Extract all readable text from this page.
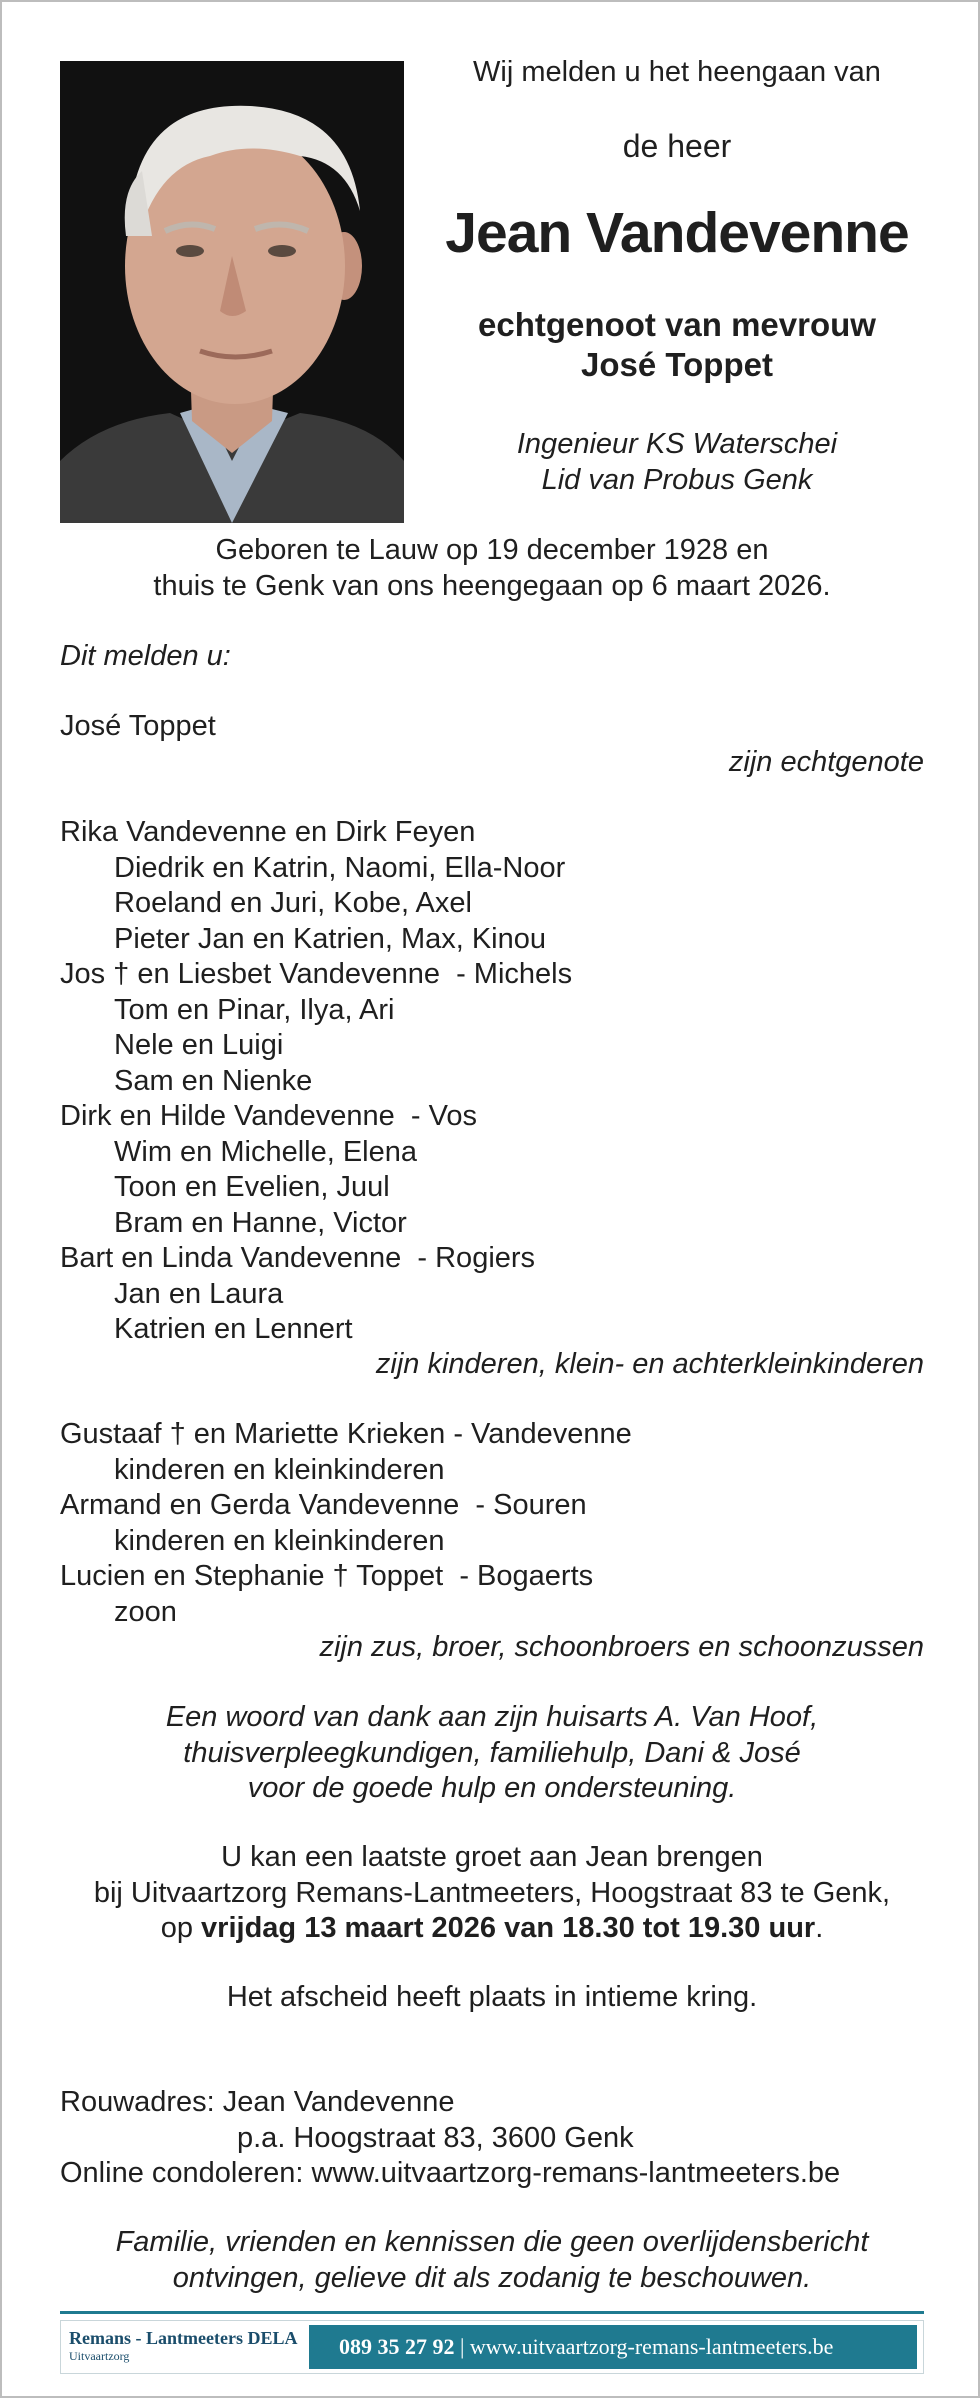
Wij melden u het heengaan van
de heer
Jean Vandevenne
echtgenoot van mevrouw
José Toppet
Ingenieur KS Waterschei
Lid van Probus Genk
Geboren te Lauw op 19 december 1928 en
thuis te Genk van ons heengegaan op 6 maart 2026.
Dit melden u:
José Toppet
zijn echtgenote
Rika Vandevenne en Dirk Feyen
Diedrik en Katrin, Naomi, Ella-Noor
Roeland en Juri, Kobe, Axel
Pieter Jan en Katrien, Max, Kinou
Jos † en Liesbet Vandevenne  - Michels
Tom en Pinar, Ilya, Ari
Nele en Luigi
Sam en Nienke
Dirk en Hilde Vandevenne  - Vos
Wim en Michelle, Elena
Toon en Evelien, Juul
Bram en Hanne, Victor
Bart en Linda Vandevenne  - Rogiers
Jan en Laura
Katrien en Lennert
zijn kinderen, klein- en achterkleinkinderen
Gustaaf † en Mariette Krieken - Vandevenne
kinderen en kleinkinderen
Armand en Gerda Vandevenne  - Souren
kinderen en kleinkinderen
Lucien en Stephanie † Toppet  - Bogaerts
zoon
zijn zus, broer, schoonbroers en schoonzussen
Een woord van dank aan zijn huisarts A. Van Hoof,
thuisverpleegkundigen, familiehulp, Dani & José
voor de goede hulp en ondersteuning.
U kan een laatste groet aan Jean brengen
bij Uitvaartzorg Remans-Lantmeeters, Hoogstraat 83 te Genk,
op vrijdag 13 maart 2026 van 18.30 tot 19.30 uur.
Het afscheid heeft plaats in intieme kring.
Rouwadres: Jean Vandevenne
p.a. Hoogstraat 83, 3600 Genk
Online condoleren: www.uitvaartzorg-remans-lantmeeters.be
Familie, vrienden en kennissen die geen overlijdensbericht
ontvingen, gelieve dit als zodanig te beschouwen.
Remans - Lantmeeters DELA
Uitvaartzorg	089 35 27 92 | www.uitvaartzorg-remans-lantmeeters.be
